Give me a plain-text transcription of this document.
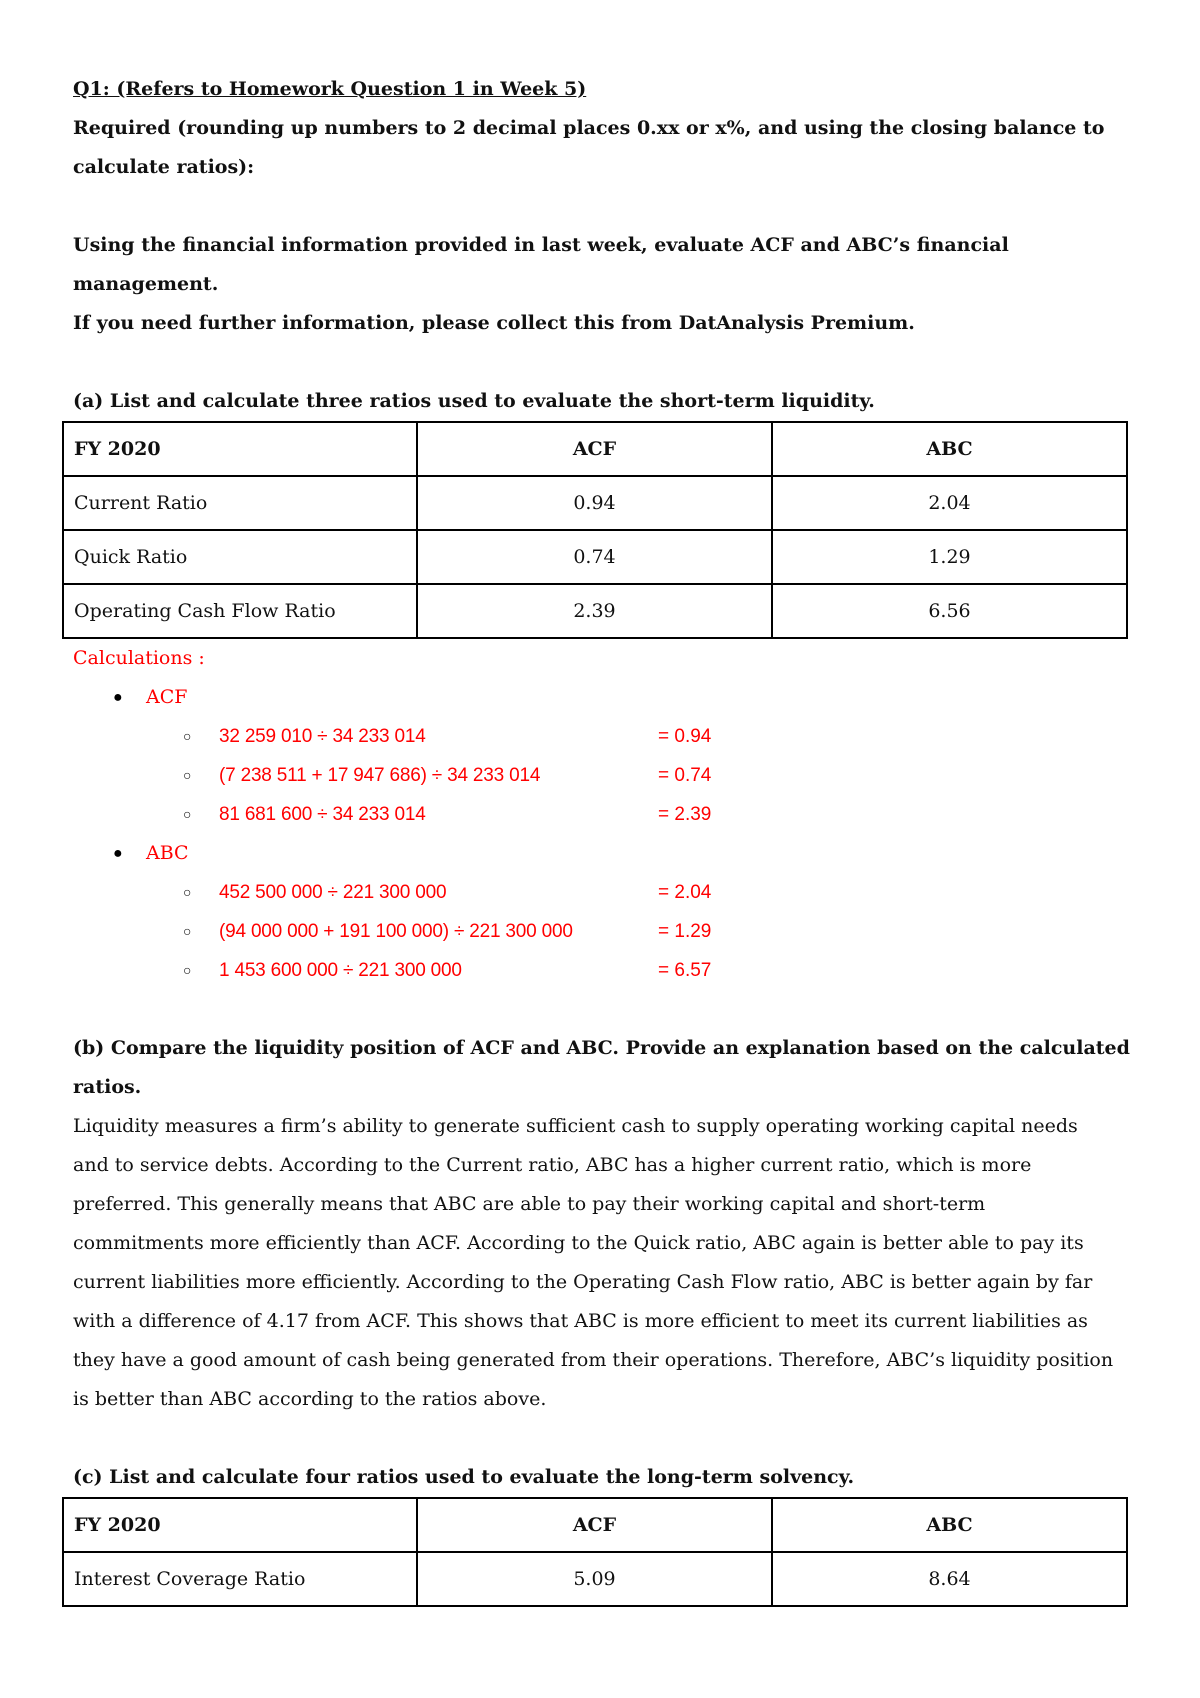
Q1: (Refers to Homework Question 1 in Week 5)

Required (rounding up numbers to 2 decimal places 0.xx or x%, and using the closing balance to

calculate ratios):

Using the financial information provided in last week, evaluate ACF and ABC’s financial management.

If you need further information, please collect this from DatAnalysis Premium.

(a) List and calculate three ratios used to evaluate the short-term liquidity.

FY 2020	ACF	ABC
Current Ratio	0.94	2.04
Quick Ratio	0.74	1.29
Operating Cash Flow Ratio	2.39	6.56

Calculations :

● ACF
○ 32 259 010 ÷ 34 233 014	= 0.94
○ (7 238 511 + 17 947 686) ÷ 34 233 014	= 0.74
○ 81 681 600 ÷ 34 233 014	= 2.39
● ABC
○ 452 500 000 ÷ 221 300 000	= 2.04
○ (94 000 000 + 191 100 000) ÷ 221 300 000	= 1.29
○ 1 453 600 000 ÷ 221 300 000	= 6.57

(b) Compare the liquidity position of ACF and ABC. Provide an explanation based on the calculated

ratios.

Liquidity measures a firm’s ability to generate sufficient cash to supply operating working capital needs

and to service debts. According to the Current ratio, ABC has a higher current ratio, which is more

preferred. This generally means that ABC are able to pay their working capital and short-term

commitments more efficiently than ACF. According to the Quick ratio, ABC again is better able to pay its

current liabilities more efficiently. According to the Operating Cash Flow ratio, ABC is better again by far

with a difference of 4.17 from ACF. This shows that ABC is more efficient to meet its current liabilities as

they have a good amount of cash being generated from their operations. Therefore, ABC’s liquidity position

is better than ABC according to the ratios above.

(c) List and calculate four ratios used to evaluate the long-term solvency.

FY 2020	ACF	ABC
Interest Coverage Ratio	5.09	8.64
